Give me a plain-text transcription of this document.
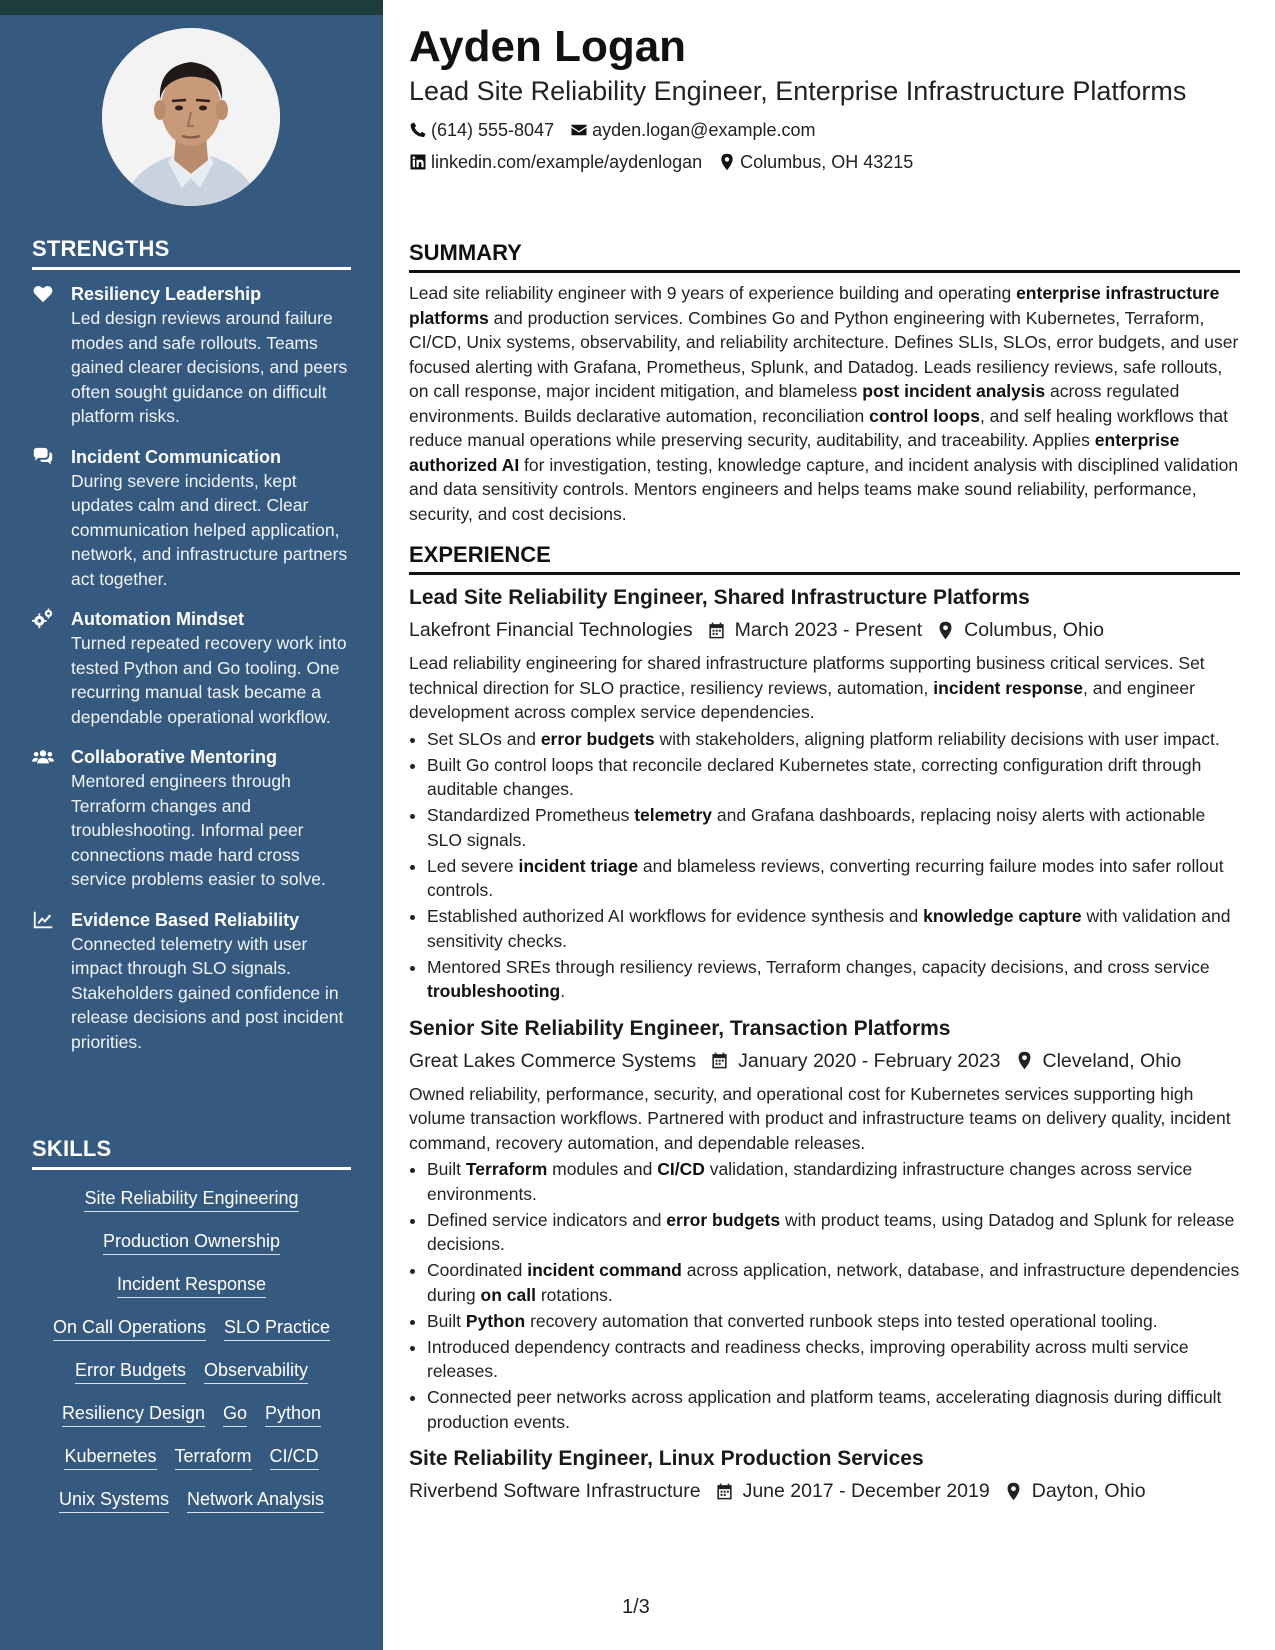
STRENGTHS
Resiliency Leadership
Led design reviews around failure modes and safe rollouts. Teams gained clearer decisions, and peers often sought guidance on difficult platform risks.
Incident Communication
During severe incidents, kept updates calm and direct. Clear communication helped application, network, and infrastructure partners act together.
Automation Mindset
Turned repeated recovery work into tested Python and Go tooling. One recurring manual task became a dependable operational workflow.
Collaborative Mentoring
Mentored engineers through Terraform changes and troubleshooting. Informal peer connections made hard cross service problems easier to solve.
Evidence Based Reliability
Connected telemetry with user impact through SLO signals. Stakeholders gained confidence in release decisions and post incident priorities.
SKILLS
Site Reliability Engineering
Production Ownership
Incident Response
On Call Operations SLO Practice
Error Budgets Observability
Resiliency Design Go Python
Kubernetes Terraform CI/CD
Unix Systems Network Analysis
Ayden Logan
Lead Site Reliability Engineer, Enterprise Infrastructure Platforms
(614) 555-8047 ayden.logan@example.com
linkedin.com/example/aydenlogan Columbus, OH 43215
SUMMARY

Lead site reliability engineer with 9 years of experience building and operating enterprise infrastructure platforms and production services. Combines Go and Python engineering with Kubernetes, Terraform, CI/CD, Unix systems, observability, and reliability architecture. Defines SLIs, SLOs, error budgets, and user focused alerting with Grafana, Prometheus, Splunk, and Datadog. Leads resiliency reviews, safe rollouts, on call response, major incident mitigation, and blameless post incident analysis across regulated environments. Builds declarative automation, reconciliation control loops, and self healing workflows that reduce manual operations while preserving security, auditability, and traceability. Applies enterprise authorized AI for investigation, testing, knowledge capture, and incident analysis with disciplined validation and data sensitivity controls. Mentors engineers and helps teams make sound reliability, performance, security, and cost decisions.

EXPERIENCE
Lead Site Reliability Engineer, Shared Infrastructure Platforms
Lakefront Financial Technologies March 2023 - Present Columbus, Ohio

Lead reliability engineering for shared infrastructure platforms supporting business critical services. Set technical direction for SLO practice, resiliency reviews, automation, incident response, and engineer development across complex service dependencies.

• Set SLOs and error budgets with stakeholders, aligning platform reliability decisions with user impact.
• Built Go control loops that reconcile declared Kubernetes state, correcting configuration drift through auditable changes.
• Standardized Prometheus telemetry and Grafana dashboards, replacing noisy alerts with actionable SLO signals.
• Led severe incident triage and blameless reviews, converting recurring failure modes into safer rollout controls.
• Established authorized AI workflows for evidence synthesis and knowledge capture with validation and sensitivity checks.
• Mentored SREs through resiliency reviews, Terraform changes, capacity decisions, and cross service troubleshooting.
Senior Site Reliability Engineer, Transaction Platforms
Great Lakes Commerce Systems January 2020 - February 2023 Cleveland, Ohio

Owned reliability, performance, security, and operational cost for Kubernetes services supporting high volume transaction workflows. Partnered with product and infrastructure teams on delivery quality, incident command, recovery automation, and dependable releases.

• Built Terraform modules and CI/CD validation, standardizing infrastructure changes across service environments.
• Defined service indicators and error budgets with product teams, using Datadog and Splunk for release decisions.
• Coordinated incident command across application, network, database, and infrastructure dependencies during on call rotations.
• Built Python recovery automation that converted runbook steps into tested operational tooling.
• Introduced dependency contracts and readiness checks, improving operability across multi service releases.
• Connected peer networks across application and platform teams, accelerating diagnosis during difficult production events.
Site Reliability Engineer, Linux Production Services
Riverbend Software Infrastructure June 2017 - December 2019 Dayton, Ohio
1/3
